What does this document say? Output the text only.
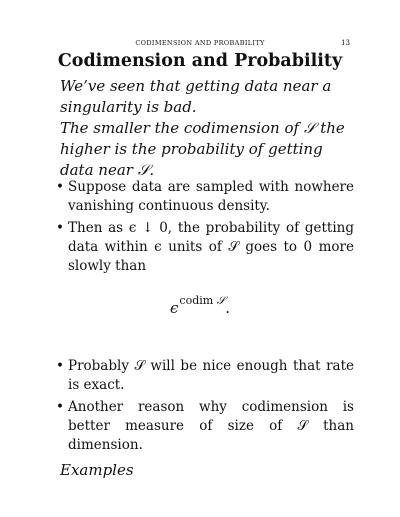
CODIMENSION AND PROBABILITY	13
Codimension and Probability
We’ve seen that getting data near a singularity is bad.
The smaller the codimension of 𝒮 the higher is the probability of getting data near 𝒮.
• Suppose data are sampled with nowhere vanishing continuous density.
• Then as ϵ ↓ 0, the probability of getting data within ϵ units of 𝒮 goes to 0 more slowly than
ϵcodim 𝒮.
• Probably 𝒮 will be nice enough that rate is exact.
• Another reason why codimension is better measure of size of 𝒮 than dimension.
Examples
